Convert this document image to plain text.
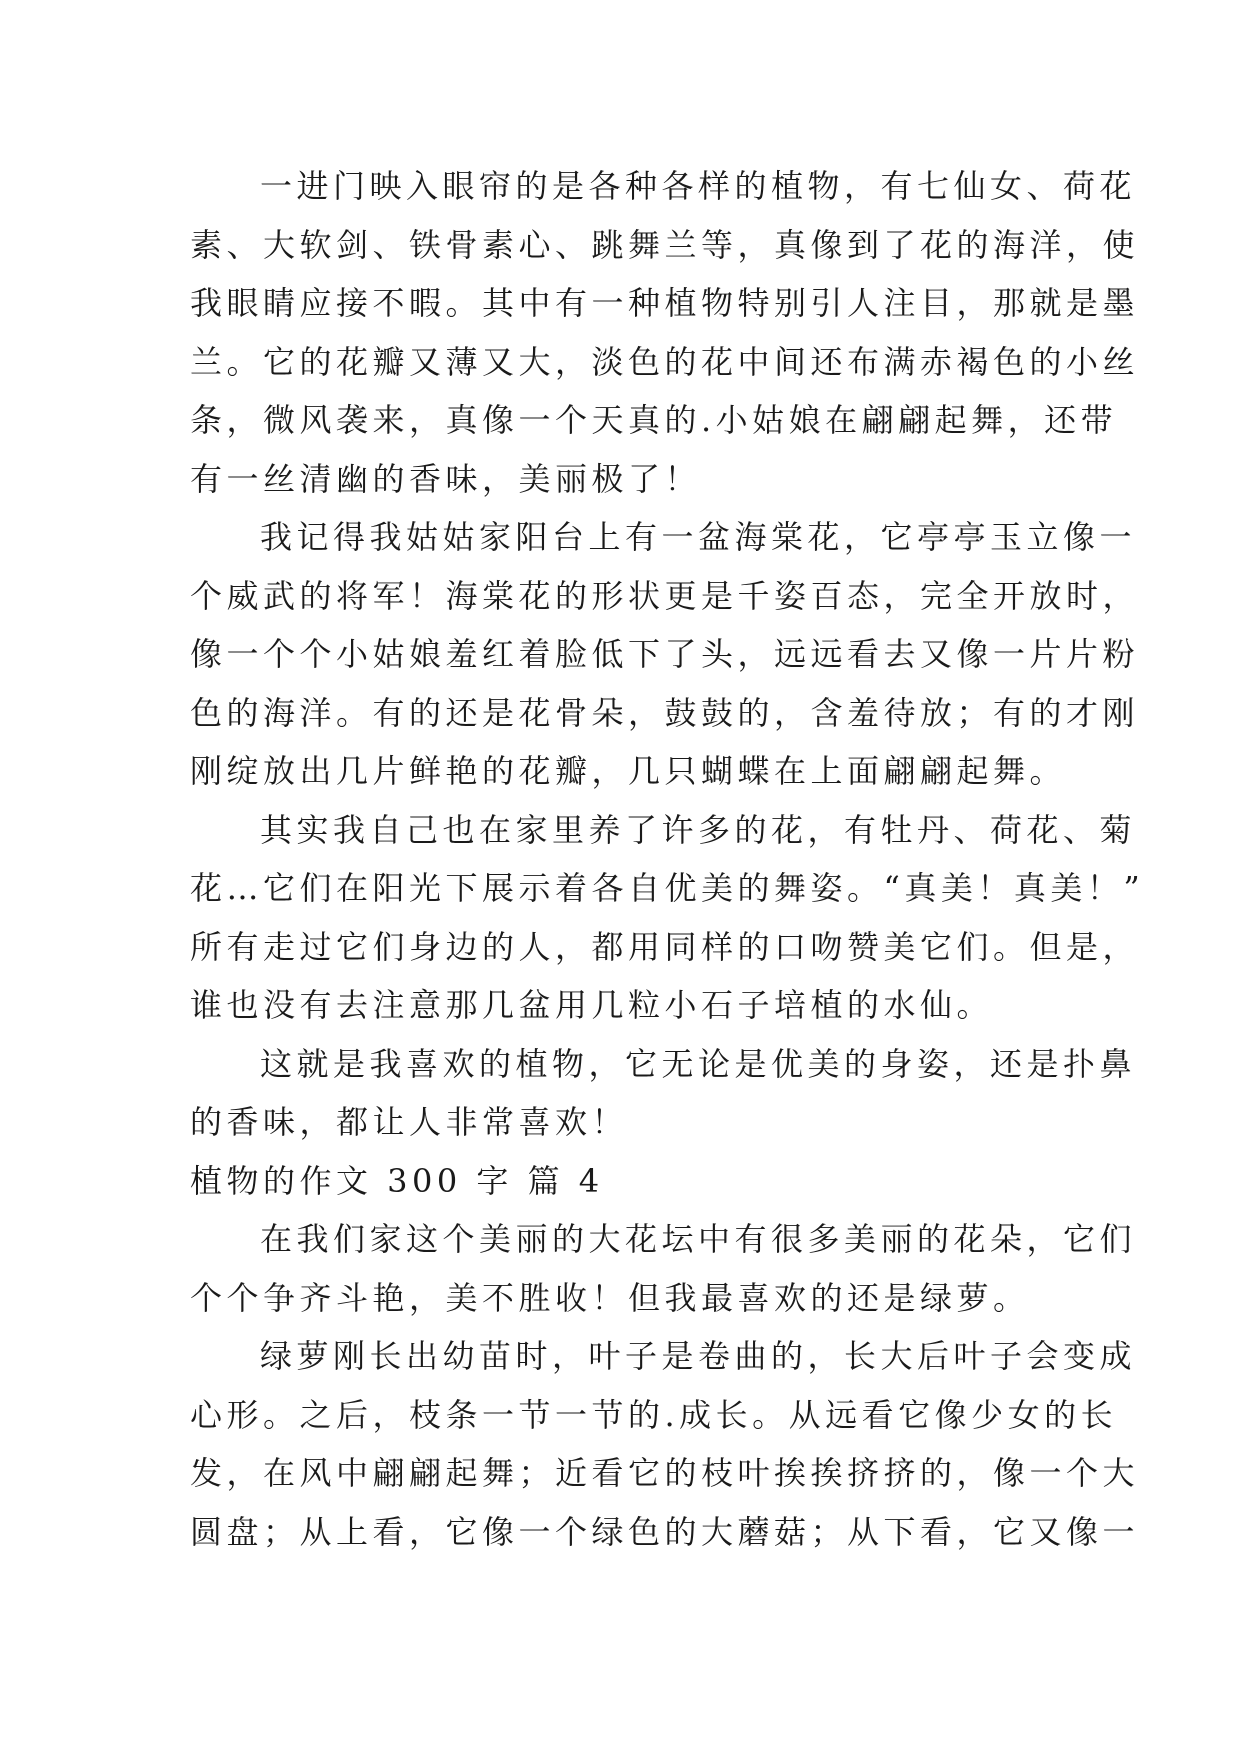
一进门映入眼帘的是各种各样的植物，有七仙女、荷花
素、大软剑、铁骨素心、跳舞兰等，真像到了花的海洋，使
我眼睛应接不暇。其中有一种植物特别引人注目，那就是墨
兰。它的花瓣又薄又大，淡色的花中间还布满赤褐色的小丝
条，微风袭来，真像一个天真的.小姑娘在翩翩起舞，还带
有一丝清幽的香味，美丽极了！
我记得我姑姑家阳台上有一盆海棠花，它亭亭玉立像一
个威武的将军！海棠花的形状更是千姿百态，完全开放时，
像一个个小姑娘羞红着脸低下了头，远远看去又像一片片粉
色的海洋。有的还是花骨朵，鼓鼓的，含羞待放；有的才刚
刚绽放出几片鲜艳的花瓣，几只蝴蝶在上面翩翩起舞。
其实我自己也在家里养了许多的花，有牡丹、荷花、菊
花…它们在阳光下展示着各自优美的舞姿。“真美！真美！”
所有走过它们身边的人，都用同样的口吻赞美它们。但是，
谁也没有去注意那几盆用几粒小石子培植的水仙。
这就是我喜欢的植物，它无论是优美的身姿，还是扑鼻
的香味，都让人非常喜欢！
植物的作文 300 字 篇 4
在我们家这个美丽的大花坛中有很多美丽的花朵，它们
个个争齐斗艳，美不胜收！但我最喜欢的还是绿萝。
绿萝刚长出幼苗时，叶子是卷曲的，长大后叶子会变成
心形。之后，枝条一节一节的.成长。从远看它像少女的长
发，在风中翩翩起舞；近看它的枝叶挨挨挤挤的，像一个大
圆盘；从上看，它像一个绿色的大蘑菇；从下看，它又像一
